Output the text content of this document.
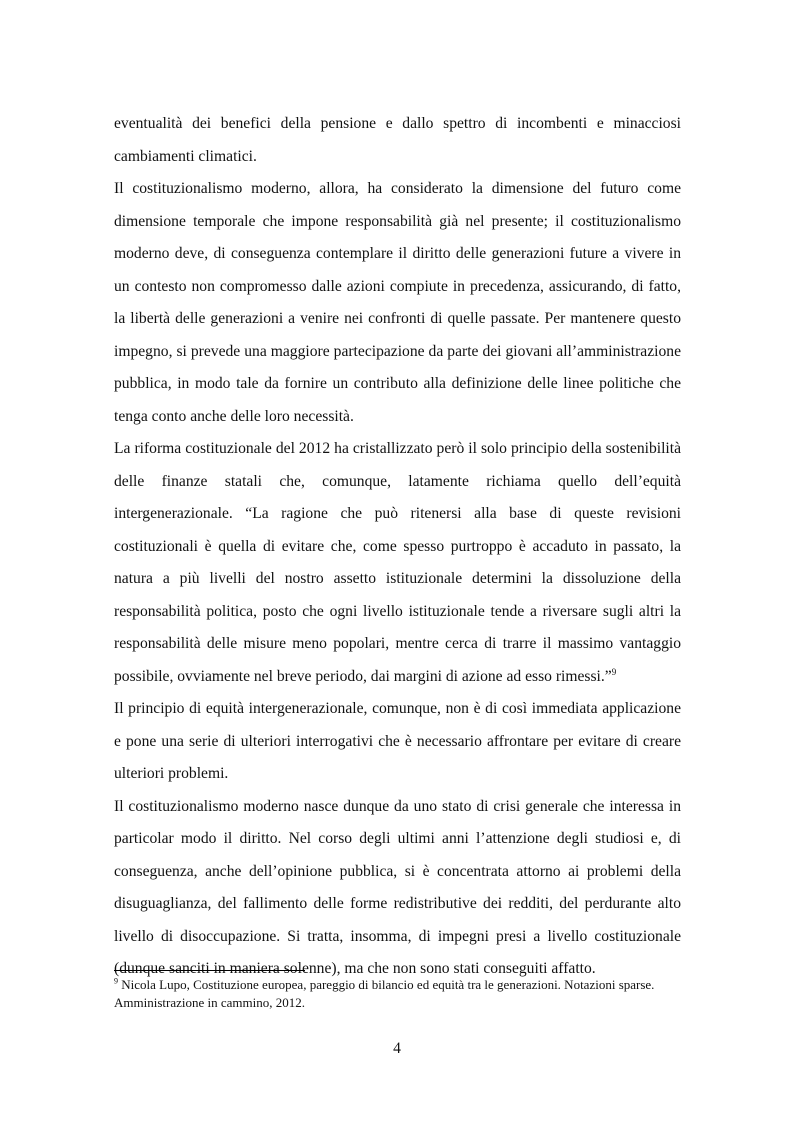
eventualità dei benefici della pensione e dallo spettro di incombenti e minacciosi cambiamenti climatici.

Il costituzionalismo moderno, allora, ha considerato la dimensione del futuro come dimensione temporale che impone responsabilità già nel presente; il costituzionalismo moderno deve, di conseguenza contemplare il diritto delle generazioni future a vivere in un contesto non compromesso dalle azioni compiute in precedenza, assicurando, di fatto, la libertà delle generazioni a venire nei confronti di quelle passate. Per mantenere questo impegno, si prevede una maggiore partecipazione da parte dei giovani all’amministrazione pubblica, in modo tale da fornire un contributo alla definizione delle linee politiche che tenga conto anche delle loro necessità.

La riforma costituzionale del 2012 ha cristallizzato però il solo principio della sostenibilità delle finanze statali che, comunque, latamente richiama quello dell’equità intergenerazionale. “La ragione che può ritenersi alla base di queste revisioni costituzionali è quella di evitare che, come spesso purtroppo è accaduto in passato, la natura a più livelli del nostro assetto istituzionale determini la dissoluzione della responsabilità politica, posto che ogni livello istituzionale tende a riversare sugli altri la responsabilità delle misure meno popolari, mentre cerca di trarre il massimo vantaggio possibile, ovviamente nel breve periodo, dai margini di azione ad esso rimessi.”$^9$

Il principio di equità intergenerazionale, comunque, non è di così immediata applicazione e pone una serie di ulteriori interrogativi che è necessario affrontare per evitare di creare ulteriori problemi.

Il costituzionalismo moderno nasce dunque da uno stato di crisi generale che interessa in particolar modo il diritto. Nel corso degli ultimi anni l’attenzione degli studiosi e, di conseguenza, anche dell’opinione pubblica, si è concentrata attorno ai problemi della disuguaglianza, del fallimento delle forme redistributive dei redditi, del perdurante alto livello di disoccupazione. Si tratta, insomma, di impegni presi a livello costituzionale (dunque sanciti in maniera solenne), ma che non sono stati conseguiti affatto.

$^9$ Nicola Lupo, Costituzione europea, pareggio di bilancio ed equità tra le generazioni. Notazioni sparse. Amministrazione in cammino, 2012.
4
